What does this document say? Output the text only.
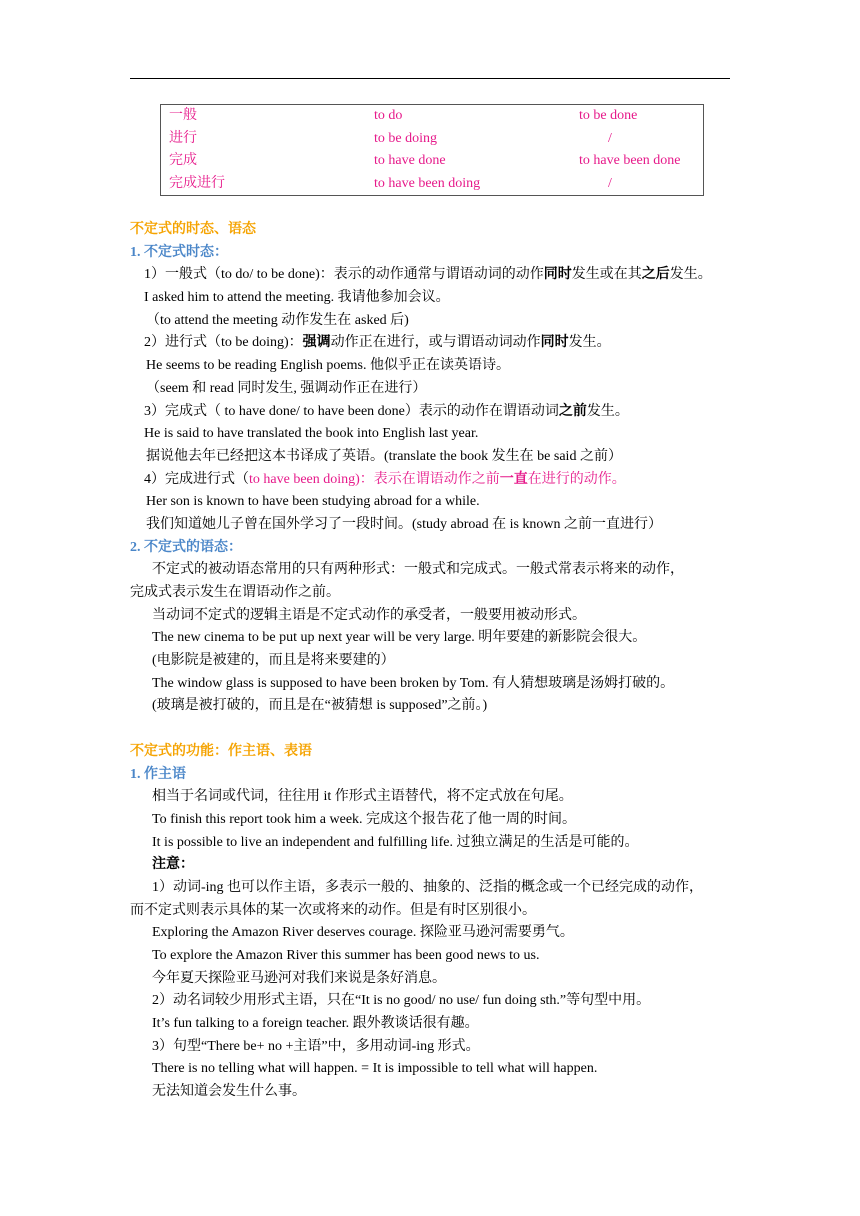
一般	to do	to be done
进行	to be doing	/
完成	to have done	to have been done
完成进行	to have been doing	/
不定式的时态、语态
1. 不定式时态：
1）一般式（to do/ to be done)：表示的动作通常与谓语动词的动作同时发生或在其之后发生。
I asked him to attend the meeting. 我请他参加会议。
（to attend the meeting 动作发生在 asked 后)
2）进行式（to be doing)：强调动作正在进行，或与谓语动词动作同时发生。
He seems to be reading English poems. 他似乎正在读英语诗。
（seem 和 read 同时发生, 强调动作正在进行）
3）完成式（ to have done/ to have been done）表示的动作在谓语动词之前发生。
He is said to have translated the book into English last year.
据说他去年已经把这本书译成了英语。(translate the book 发生在 be said 之前）
4）完成进行式（to have been doing)：表示在谓语动作之前一直在进行的动作。
Her son is known to have been studying abroad for a while.
我们知道她儿子曾在国外学习了一段时间。(study abroad 在 is known 之前一直进行）
2. 不定式的语态：
不定式的被动语态常用的只有两种形式：一般式和完成式。一般式常表示将来的动作，
完成式表示发生在谓语动作之前。
当动词不定式的逻辑主语是不定式动作的承受者，一般要用被动形式。
The new cinema to be put up next year will be very large. 明年要建的新影院会很大。
(电影院是被建的，而且是将来要建的）
The window glass is supposed to have been broken by Tom. 有人猜想玻璃是汤姆打破的。
(玻璃是被打破的，而且是在“被猜想 is supposed”之前。)
不定式的功能：作主语、表语
1. 作主语
相当于名词或代词，往往用 it 作形式主语替代，将不定式放在句尾。
To finish this report took him a week. 完成这个报告花了他一周的时间。
It is possible to live an independent and fulfilling life. 过独立满足的生活是可能的。
注意：
1）动词-ing 也可以作主语，多表示一般的、抽象的、泛指的概念或一个已经完成的动作，
而不定式则表示具体的某一次或将来的动作。但是有时区别很小。
Exploring the Amazon River deserves courage. 探险亚马逊河需要勇气。
To explore the Amazon River this summer has been good news to us.
今年夏天探险亚马逊河对我们来说是条好消息。
2）动名词较少用形式主语，只在“It is no good/ no use/ fun doing sth.”等句型中用。
It’s fun talking to a foreign teacher. 跟外教谈话很有趣。
3）句型“There be+ no +主语”中，多用动词-ing 形式。
There is no telling what will happen. = It is impossible to tell what will happen.
无法知道会发生什么事。
